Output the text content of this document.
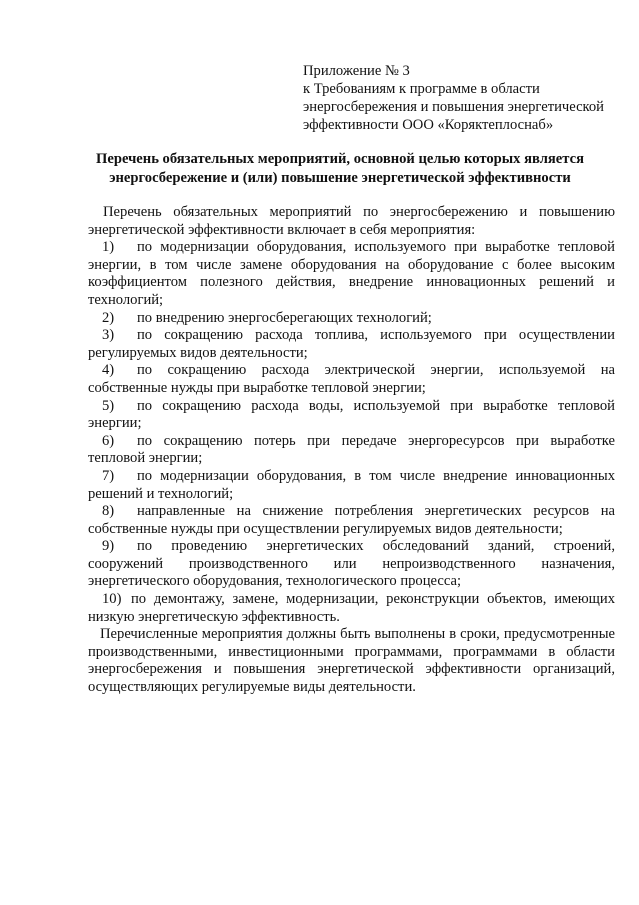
Приложение № 3
к Требованиям к программе в области
энергосбережения и повышения энергетической
эффективности ООО «Коряктеплоснаб»
Перечень обязательных мероприятий, основной целью которых является
энергосбережение и (или) повышение энергетической эффективности

Перечень обязательных мероприятий по энергосбережению и повышению энергетической эффективности включает в себя мероприятия:

1) по модернизации оборудования, используемого при выработке тепловой энергии, в том числе замене оборудования на оборудование с более высоким коэффициентом полезного действия, внедрение инновационных решений и технологий;

2) по внедрению энергосберегающих технологий;

3) по сокращению расхода топлива, используемого при осуществлении регулируемых видов деятельности;

4) по сокращению расхода электрической энергии, используемой на собственные нужды при выработке тепловой энергии;

5) по сокращению расхода воды, используемой при выработке тепловой энергии;

6) по сокращению потерь при передаче энергоресурсов при выработке тепловой энергии;

7) по модернизации оборудования, в том числе внедрение инновационных решений и технологий;

8) направленные на снижение потребления энергетических ресурсов на собственные нужды при осуществлении регулируемых видов деятельности;

9) по проведению энергетических обследований зданий, строений, сооружений производственного или непроизводственного назначения, энергетического оборудования, технологического процесса;

10) по демонтажу, замене, модернизации, реконструкции объектов, имеющих низкую энергетическую эффективность.

Перечисленные мероприятия должны быть выполнены в сроки, предусмотренные производственными, инвестиционными программами, программами в области энергосбережения и повышения энергетической эффективности организаций, осуществляющих регулируемые виды деятельности.
